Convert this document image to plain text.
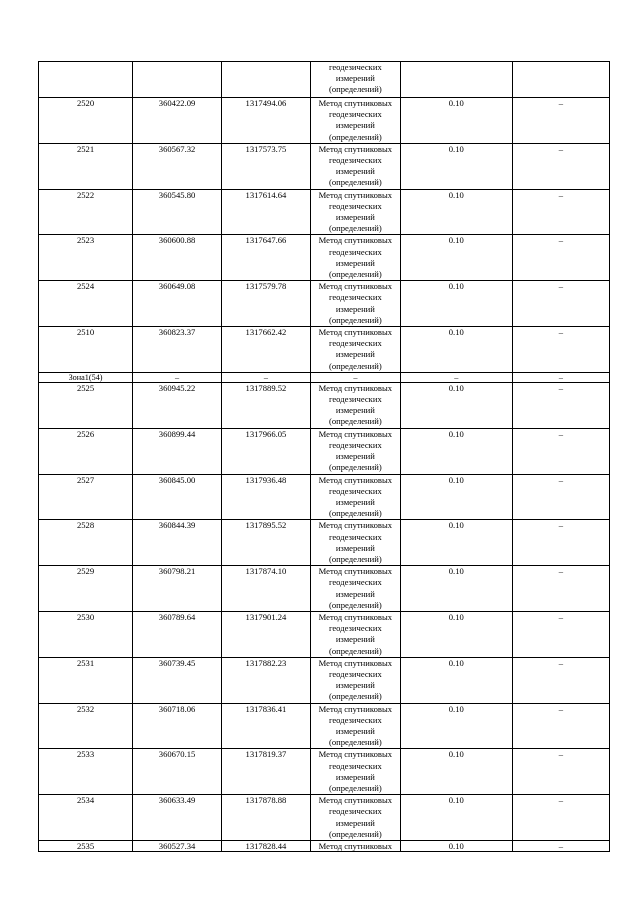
			геодезических
измерений
(определений)		

2520	360422.09	1317494.06	Метод спутниковых
геодезических
измерений
(определений)	0.10	–
2521	360567.32	1317573.75	Метод спутниковых
геодезических
измерений
(определений)	0.10	–
2522	360545.80	1317614.64	Метод спутниковых
геодезических
измерений
(определений)	0.10	–
2523	360600.88	1317647.66	Метод спутниковых
геодезических
измерений
(определений)	0.10	–
2524	360649.08	1317579.78	Метод спутниковых
геодезических
измерений
(определений)	0.10	–
2510	360823.37	1317662.42	Метод спутниковых
геодезических
измерений
(определений)	0.10	–
Зона1(54)	–	–	–	–	–
2525	360945.22	1317889.52	Метод спутниковых
геодезических
измерений
(определений)	0.10	–
2526	360899.44	1317966.05	Метод спутниковых
геодезических
измерений
(определений)	0.10	–
2527	360845.00	1317936.48	Метод спутниковых
геодезических
измерений
(определений)	0.10	–
2528	360844.39	1317895.52	Метод спутниковых
геодезических
измерений
(определений)	0.10	–
2529	360798.21	1317874.10	Метод спутниковых
геодезических
измерений
(определений)	0.10	–
2530	360789.64	1317901.24	Метод спутниковых
геодезических
измерений
(определений)	0.10	–
2531	360739.45	1317882.23	Метод спутниковых
геодезических
измерений
(определений)	0.10	–
2532	360718.06	1317836.41	Метод спутниковых
геодезических
измерений
(определений)	0.10	–
2533	360670.15	1317819.37	Метод спутниковых
геодезических
измерений
(определений)	0.10	–
2534	360633.49	1317878.88	Метод спутниковых
геодезических
измерений
(определений)	0.10	–
2535	360527.34	1317828.44	Метод спутниковых	0.10	–
